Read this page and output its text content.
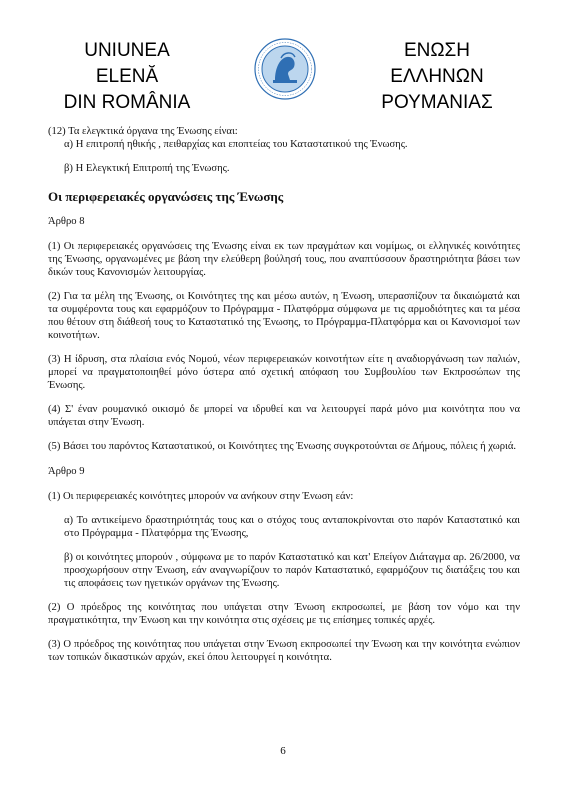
UNIUNEA ELENĂ
DIN ROMÂNIA
ΕΝΩΣΗ ΕΛΛΗΝΩΝ
ΡΟΥΜΑΝΙΑΣ

(12) Τα ελεγκτικά όργανα της Ένωσης είναι:

α) Η επιτροπή ηθικής , πειθαρχίας και εποπτείας του Καταστατικού της Ένωσης.

β) Η Ελεγκτική Επιτροπή της Ένωσης.

Οι περιφερειακές οργανώσεις της Ένωσης

Άρθρο 8

(1) Οι περιφερειακές οργανώσεις της Ένωσης είναι εκ των πραγμάτων και νομίμως, οι ελληνικές κοινότητες της Ένωσης, οργανωμένες με βάση την ελεύθερη βούλησή τους, που αναπτύσσουν δραστηριότητα βάσει των δικών τους Κανονισμών λειτουργίας.

(2) Για τα μέλη της Ένωσης, οι Κοινότητες της και μέσω αυτών, η Ένωση, υπερασπίζουν τα δικαιώματά και τα συμφέροντα τους και εφαρμόζουν το Πρόγραμμα - Πλατφόρμα σύμφωνα με τις αρμοδιότητες και τα μέσα που θέτουν στη διάθεσή τους το Καταστατικό της Ένωσης, το Πρόγραμμα-Πλατφόρμα και οι Κανονισμοί των κοινοτήτων.

(3) Η ίδρυση, στα πλαίσια ενός Νομού, νέων περιφερειακών κοινοτήτων είτε η αναδιοργάνωση των παλιών, μπορεί να πραγματοποιηθεί μόνο ύστερα από σχετική απόφαση του Συμβουλίου των Εκπροσώπων της Ένωσης.

(4) Σ' έναν ρουμανικό οικισμό δε μπορεί να ιδρυθεί και να λειτουργεί παρά μόνο μια κοινότητα που να υπάγεται στην Ένωση.

(5) Βάσει του παρόντος Καταστατικού, οι Κοινότητες της Ένωσης συγκροτούνται σε Δήμους, πόλεις ή χωριά.

Άρθρο 9

(1) Οι περιφερειακές κοινότητες μπορούν να ανήκουν στην Ένωση εάν:

α) Το αντικείμενο δραστηριότητάς τους και ο στόχος τους ανταποκρίνονται στο παρόν Καταστατικό και στο Πρόγραμμα - Πλατφόρμα της Ένωσης,

β) οι κοινότητες μπορούν , σύμφωνα με το παρόν Καταστατικό και κατ' Επείγον Διάταγμα αρ. 26/2000, να προσχωρήσουν στην Ένωση, εάν αναγνωρίζουν το παρόν Καταστατικό, εφαρμόζουν τις διατάξεις του και τις αποφάσεις των ηγετικών οργάνων της Ένωσης.

(2) Ο πρόεδρος της κοινότητας που υπάγεται στην Ένωση εκπροσωπεί, με βάση τον νόμο και την πραγματικότητα, την Ένωση και την κοινότητα στις σχέσεις με τις επίσημες τοπικές αρχές.

(3) Ο πρόεδρος της κοινότητας που υπάγεται στην Ένωση εκπροσωπεί την Ένωση και την κοινότητα ενώπιον των τοπικών δικαστικών αρχών, εκεί όπου λειτουργεί η κοινότητα.

6
